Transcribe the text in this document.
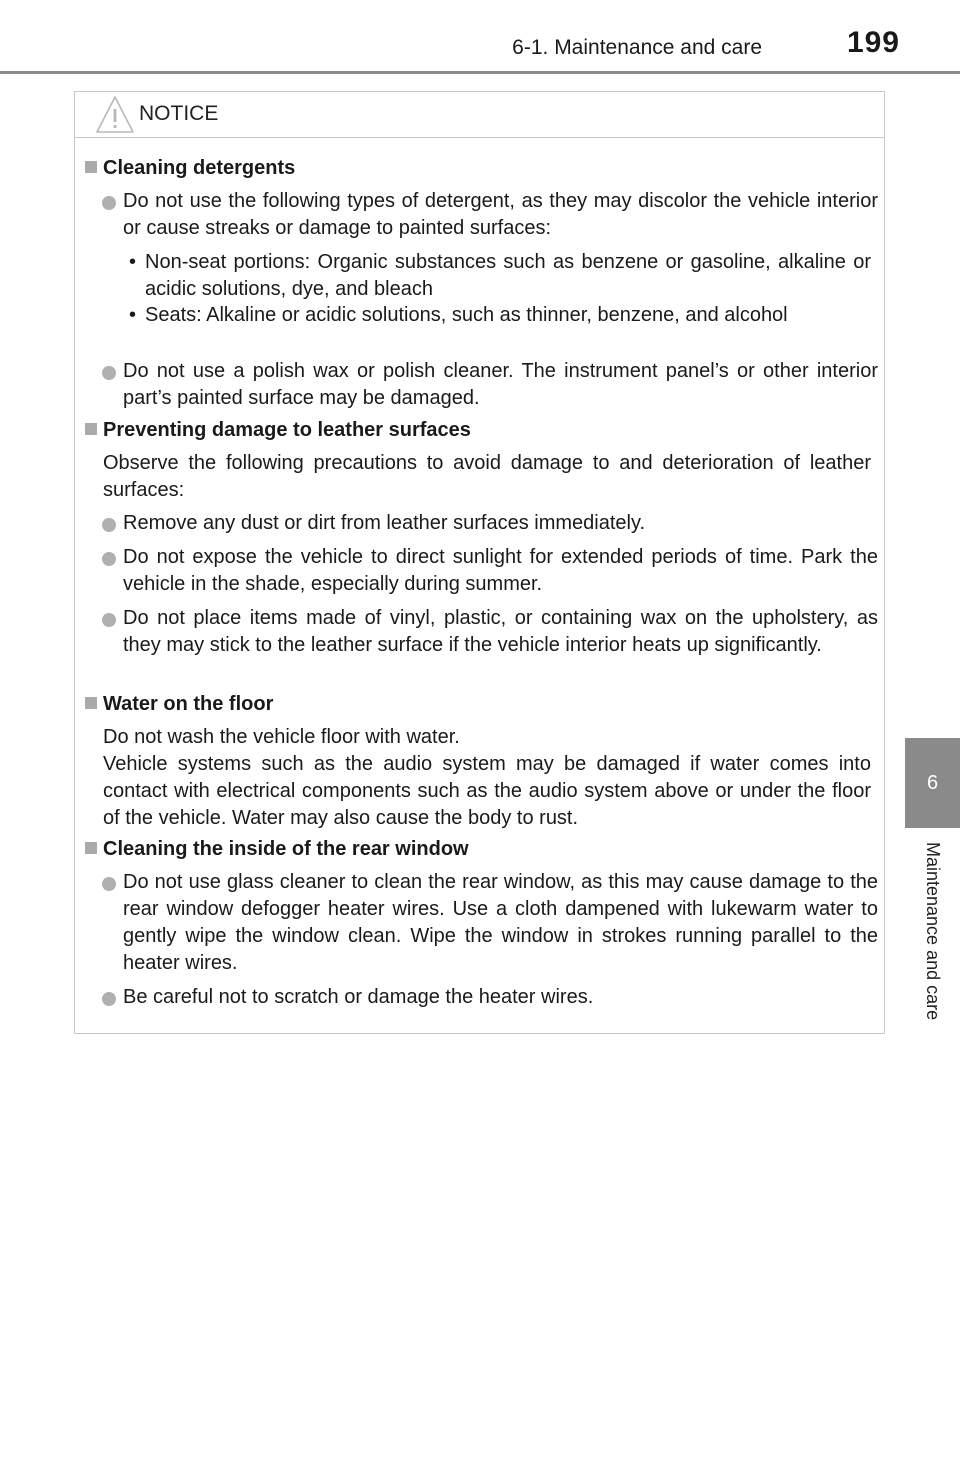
6-1. Maintenance and care	199
6
Maintenance and care
NOTICE
Cleaning detergents
Do not use the following types of detergent, as they may discolor the vehicle interior or cause streaks or damage to painted surfaces:
• Non-seat portions: Organic substances such as benzene or gasoline, alkaline or acidic solutions, dye, and bleach
• Seats: Alkaline or acidic solutions, such as thinner, benzene, and alcohol
Do not use a polish wax or polish cleaner. The instrument panel’s or other interior part’s painted surface may be damaged.
Preventing damage to leather surfaces
Observe the following precautions to avoid damage to and deterioration of leather surfaces:
Remove any dust or dirt from leather surfaces immediately.
Do not expose the vehicle to direct sunlight for extended periods of time. Park the vehicle in the shade, especially during summer.
Do not place items made of vinyl, plastic, or containing wax on the upholstery, as they may stick to the leather surface if the vehicle interior heats up significantly.
Water on the floor
Do not wash the vehicle floor with water.
Vehicle systems such as the audio system may be damaged if water comes into contact with electrical components such as the audio system above or under the floor of the vehicle. Water may also cause the body to rust.
Cleaning the inside of the rear window
Do not use glass cleaner to clean the rear window, as this may cause damage to the rear window defogger heater wires. Use a cloth dampened with lukewarm water to gently wipe the window clean. Wipe the window in strokes running parallel to the heater wires.
Be careful not to scratch or damage the heater wires.
